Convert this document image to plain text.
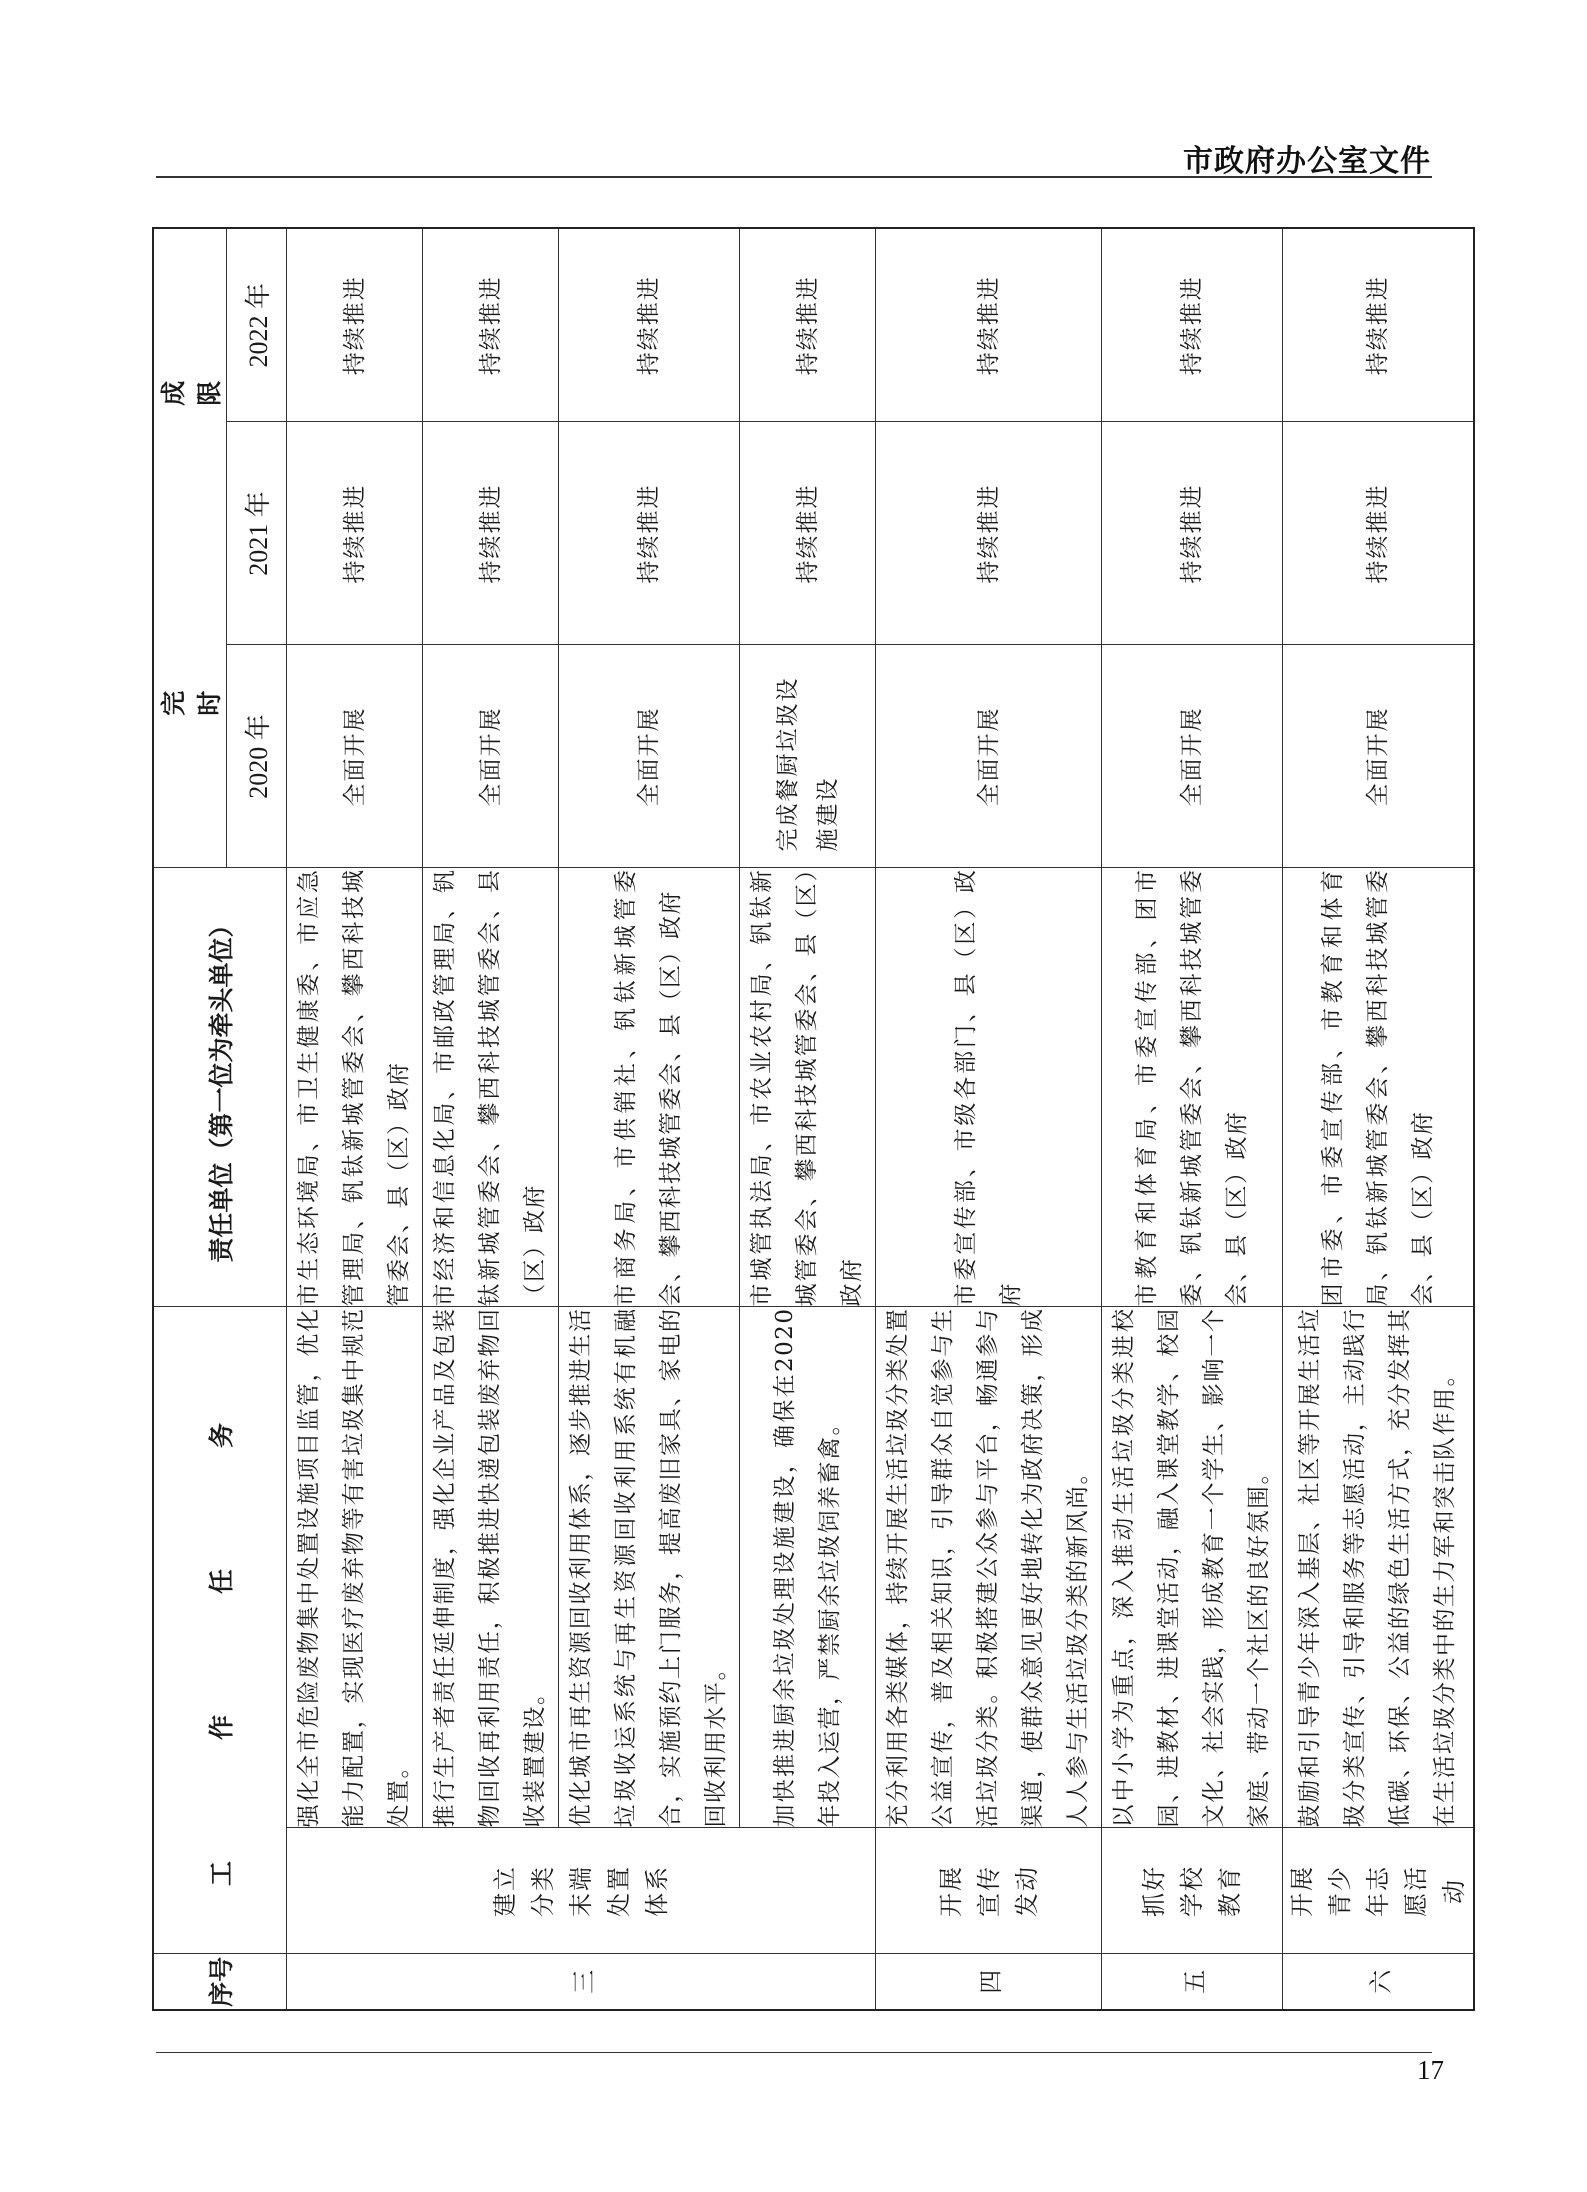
市政府办公室文件
序号	工　作　任　务		责任单位（第一位为牵头单位）	完　成　时　限		
				2020 年	2021 年	2022 年
三	建立分类末端处置体系	强化全市危险废物集中处置设施项目监管，优化能力配置，实现医疗废弃物等有害垃圾集中规范处置。	市生态环境局、市卫生健康委、市应急管理局、钒钛新城管委会、攀西科技城管委会、县（区）政府	全面开展	持续推进	持续推进
		推行生产者责任延伸制度，强化企业产品及包装物回收再利用责任，积极推进快递包装废弃物回收装置建设。	市经济和信息化局、市邮政管理局、钒钛新城管委会、攀西科技城管委会、县（区）政府	全面开展	持续推进	持续推进
		优化城市再生资源回收利用体系，逐步推进生活垃圾收运系统与再生资源回收利用系统有机融合，实施预约上门服务，提高废旧家具、家电的回收利用水平。	市商务局、市供销社、钒钛新城管委会、攀西科技城管委会、县（区）政府	全面开展	持续推进	持续推进
		加快推进厨余垃圾处理设施建设，确保在2020 年投入运营，严禁厨余垃圾饲养畜禽。	市城管执法局、市农业农村局、钒钛新城管委会、攀西科技城管委会、县（区）政府	完成餐厨垃圾设施建设	持续推进	持续推进
四	开展宣传发动	充分利用各类媒体，持续开展生活垃圾分类处置公益宣传，普及相关知识，引导群众自觉参与生活垃圾分类。积极搭建公众参与平台，畅通参与渠道，使群众意见更好地转化为政府决策，形成人人参与生活垃圾分类的新风尚。	市委宣传部、市级各部门、县（区）政府	全面开展	持续推进	持续推进
五	抓好学校教育	以中小学为重点，深入推动生活垃圾分类进校园、进教材、进课堂活动，融入课堂教学、校园文化、社会实践，形成教育一个学生、影响一个家庭、带动一个社区的良好氛围。	市教育和体育局、市委宣传部、团市委、钒钛新城管委会、攀西科技城管委会、县（区）政府	全面开展	持续推进	持续推进
六	开展青少年志愿活动	鼓励和引导青少年深入基层、社区等开展生活垃圾分类宣传、引导和服务等志愿活动，主动践行低碳、环保、公益的绿色生活方式，充分发挥其在生活垃圾分类中的生力军和突击队作用。	团市委、市委宣传部、市教育和体育局、钒钛新城管委会、攀西科技城管委会、县（区）政府	全面开展	持续推进	持续推进
17
